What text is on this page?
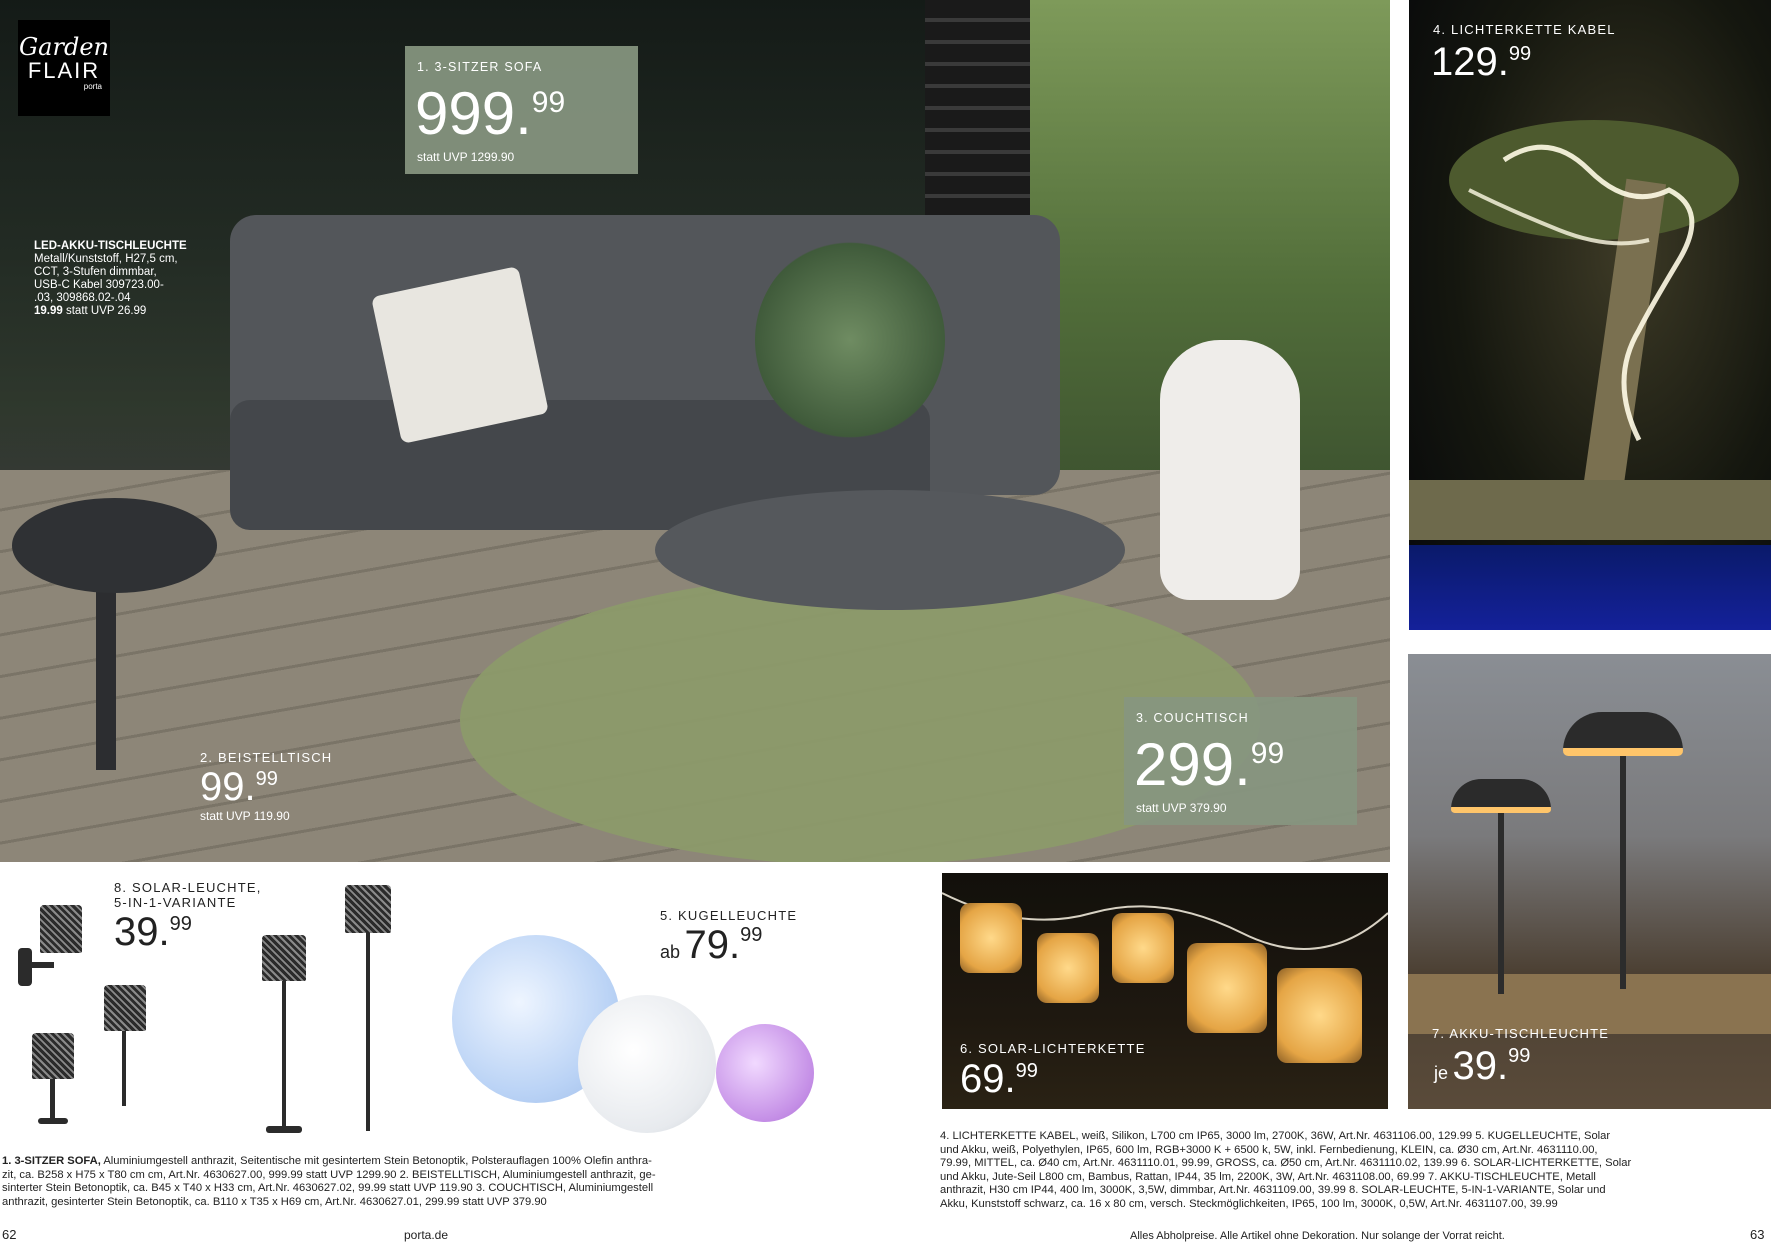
Garden
FLAIR
porta
LED-AKKU-TISCHLEUCHTE
Metall/Kunststoff, H27,5 cm,
CCT, 3-Stufen dimmbar,
USB-C Kabel 309723.00-
.03, 309868.02-.04
19.99 statt UVP 26.99
1. 3-SITZER SOFA
999.99
statt UVP 1299.90
2. BEISTELLTISCH
99.99
statt UVP 119.90
3. COUCHTISCH
299.99
statt UVP 379.90
4. LICHTERKETTE KABEL
129.99
7. AKKU-TISCHLEUCHTE
je 39.99
6. SOLAR-LICHTERKETTE
69.99
8. SOLAR-LEUCHTE,
5-IN-1-VARIANTE
39.99	5. KUGELLEUCHTE
ab 79.99
1. 3-SITZER SOFA, Aluminiumgestell anthrazit, Seitentische mit gesintertem Stein Betonoptik, Polsterauflagen 100% Olefin anthra-
zit, ca. B258 x H75 x T80 cm cm, Art.Nr. 4630627.00, 999.99 statt UVP 1299.90 2. BEISTELLTISCH, Aluminiumgestell anthrazit, ge-
sinterter Stein Betonoptik, ca. B45 x T40 x H33 cm, Art.Nr. 4630627.02, 99.99 statt UVP 119.90 3. COUCHTISCH, Aluminiumgestell
anthrazit, gesinterter Stein Betonoptik, ca. B110 x T35 x H69 cm, Art.Nr. 4630627.01, 299.99 statt UVP 379.90
4. LICHTERKETTE KABEL, weiß, Silikon, L700 cm IP65, 3000 lm, 2700K, 36W, Art.Nr. 4631106.00, 129.99 5. KUGELLEUCHTE, Solar
und Akku, weiß, Polyethylen, IP65, 600 lm, RGB+3000 K + 6500 k, 5W, inkl. Fernbedienung, KLEIN, ca. Ø30 cm, Art.Nr. 4631110.00,
79.99, MITTEL, ca. Ø40 cm, Art.Nr. 4631110.01, 99.99, GROSS, ca. Ø50 cm, Art.Nr. 4631110.02, 139.99 6. SOLAR-LICHTERKETTE, Solar
und Akku, Jute-Seil L800 cm, Bambus, Rattan, IP44, 35 lm, 2200K, 3W, Art.Nr. 4631108.00, 69.99 7. AKKU-TISCHLEUCHTE, Metall
anthrazit, H30 cm IP44, 400 lm, 3000K, 3,5W, dimmbar, Art.Nr. 4631109.00, 39.99 8. SOLAR-LEUCHTE, 5-IN-1-VARIANTE, Solar und
Akku, Kunststoff schwarz, ca. 16 x 80 cm, versch. Steckmöglichkeiten, IP65, 100 lm, 3000K, 0,5W, Art.Nr. 4631107.00, 39.99
62	porta.de	Alles Abholpreise. Alle Artikel ohne Dekoration. Nur solange der Vorrat reicht.	63
